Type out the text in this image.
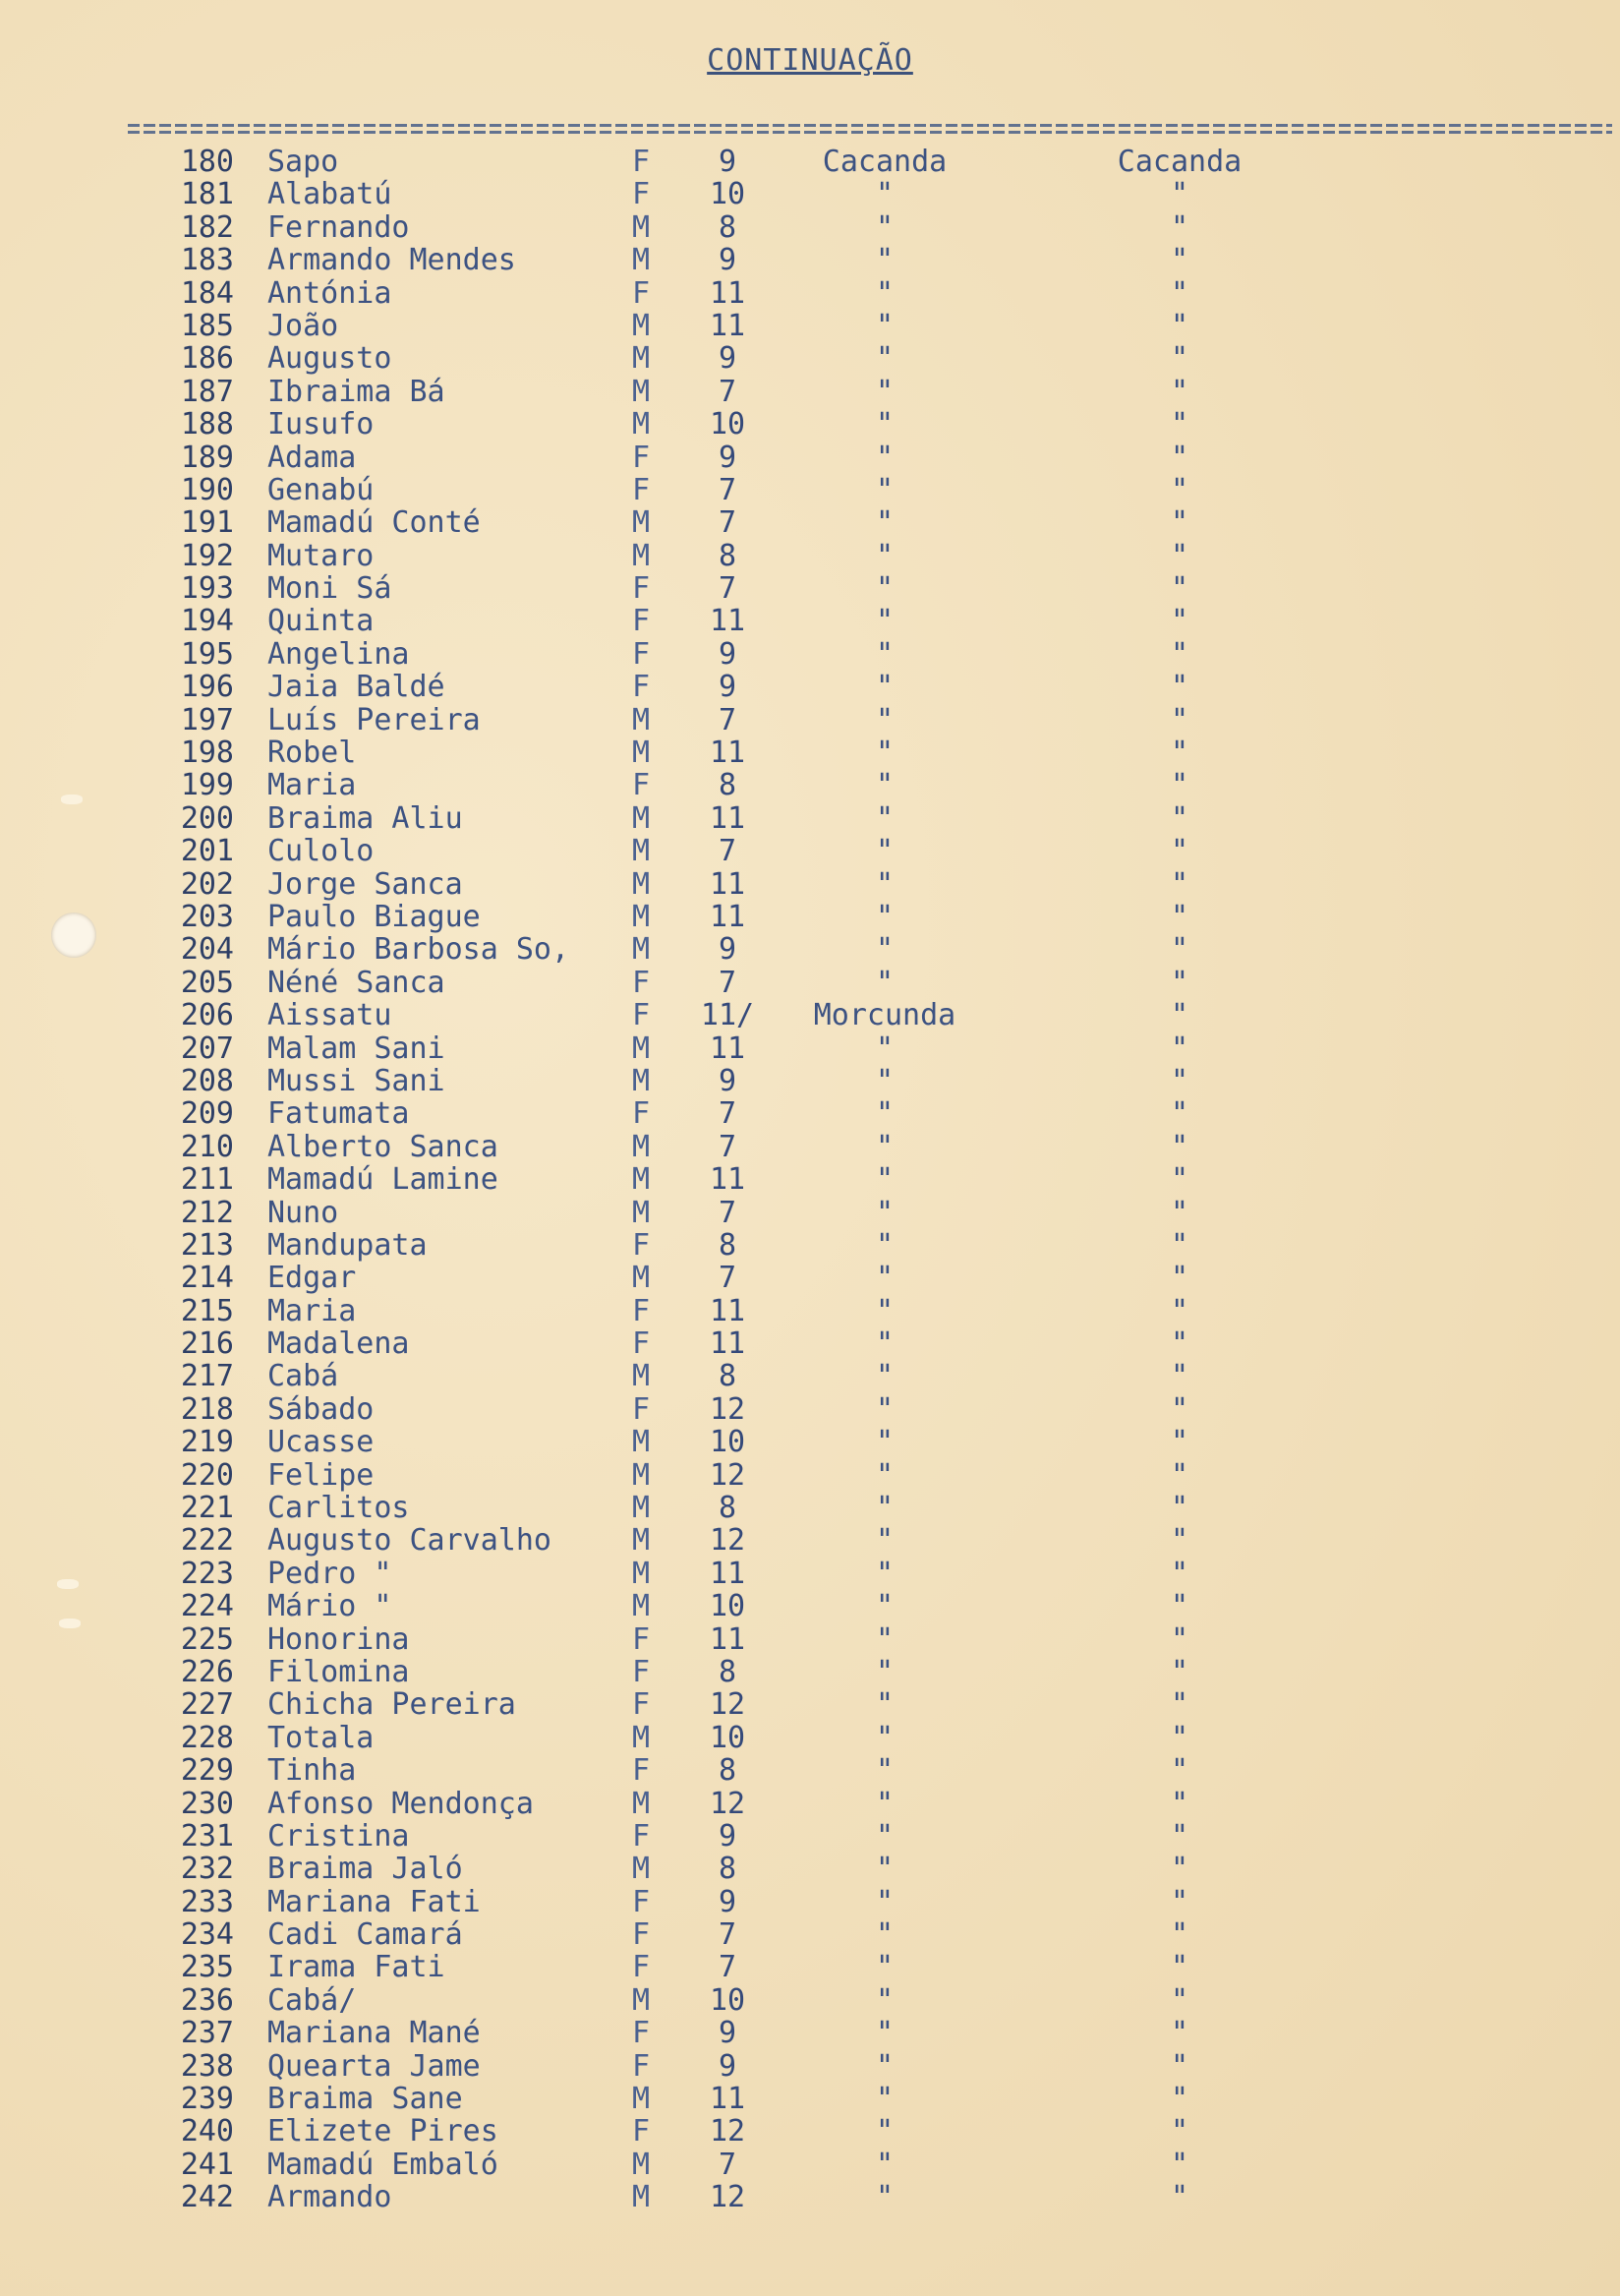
CONTINUAÇÃO
180 Sapo	F	9	Cacanda	Cacanda
181 Alabatú	F	10	"	"
182 Fernando	M	8	"	"
183 Armando Mendes	M	9	"	"
184 Antónia	F	11	"	"
185 João	M	11	"	"
186 Augusto	M	9	"	"
187 Ibraima Bá	M	7	"	"
188 Iusufo	M	10	"	"
189 Adama	F	9	"	"
190 Genabú	F	7	"	"
191 Mamadú Conté	M	7	"	"
192 Mutaro	M	8	"	"
193 Moni Sá	F	7	"	"
194 Quinta	F	11	"	"
195 Angelina	F	9	"	"
196 Jaia Baldé	F	9	"	"
197 Luís Pereira	M	7	"	"
198 Robel	M	11	"	"
199 Maria	F	8	"	"
200 Braima Aliu	M	11	"	"
201 Culolo	M	7	"	"
202 Jorge Sanca	M	11	"	"
203 Paulo Biague	M	11	"	"
204 Mário Barbosa So, M	9	"	"
205 Néné Sanca	F	7	"	"
206 Aissatu	F	11/	Morcunda	"
207 Malam Sani	M	11	"	"
208 Mussi Sani	M	9	"	"
209 Fatumata	F	7	"	"
210 Alberto Sanca	M	7	"	"
211 Mamadú Lamine	M	11	"	"
212 Nuno	M	7	"	"
213 Mandupata	F	8	"	"
214 Edgar	M	7	"	"
215 Maria	F	11	"	"
216 Madalena	F	11	"	"
217 Cabá	M	8	"	"
218 Sábado	F	12	"	"
219 Ucasse	M	10	"	"
220 Felipe	M	12	"	"
221 Carlitos	M	8	"	"
222 Augusto Carvalho	M	12	"	"
223 Pedro "	M	11	"	"
224 Mário "	M	10	"	"
225 Honorina	F	11	"	"
226 Filomina	F	8	"	"
227 Chicha Pereira	F	12	"	"
228 Totala	M	10	"	"
229 Tinha	F	8	"	"
230 Afonso Mendonça	M	12	"	"
231 Cristina	F	9	"	"
232 Braima Jaló	M	8	"	"
233 Mariana Fati	F	9	"	"
234 Cadi Camará	F	7	"	"
235 Irama Fati	F	7	"	"
236 Cabá/	M	10	"	"
237 Mariana Mané	F	9	"	"
238 Quearta Jame	F	9	"	"
239 Braima Sane	M	11	"	"
240 Elizete Pires	F	12	"	"
241 Mamadú Embaló	M	7	"	"
242 Armando	M	12	"	"
